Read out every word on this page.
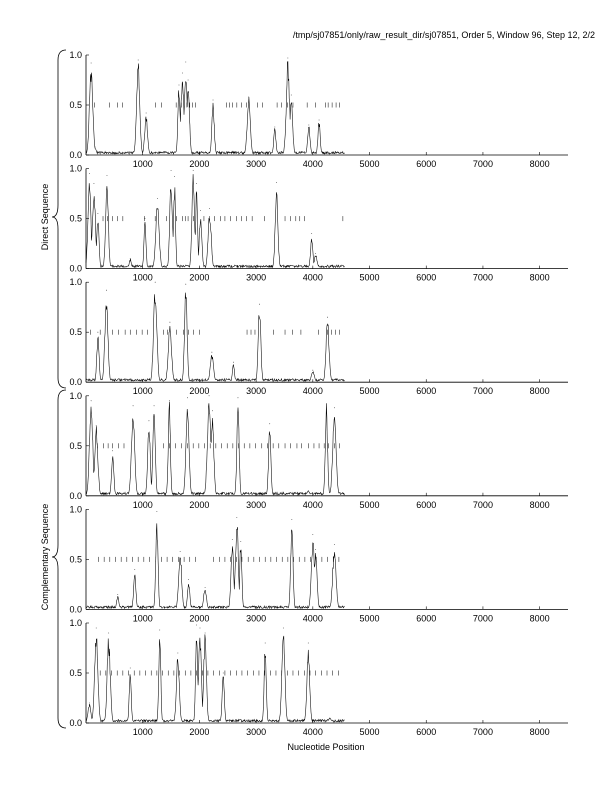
/tmp/sj07851/only/raw_result_dir/sj07851, Order 5, Window 96, Step 12, 2/2
0.0
0.5
1.0
1000	2000	3000	4000	5000	6000	7000	8000
0.0
0.5
1.0
1000	2000	3000	4000	5000	6000	7000	8000
0.0
0.5
1.0
1000	2000	3000	4000	5000	6000	7000	8000
0.0
0.5
1.0
1000	2000	3000	4000	5000	6000	7000	8000
0.0
0.5
1.0
1000	2000	3000	4000	5000	6000	7000	8000
0.0
0.5
1.0
1000	2000	3000	4000	5000	6000	7000	8000
Direct Sequence
Complementary Sequence
Nucleotide Position
